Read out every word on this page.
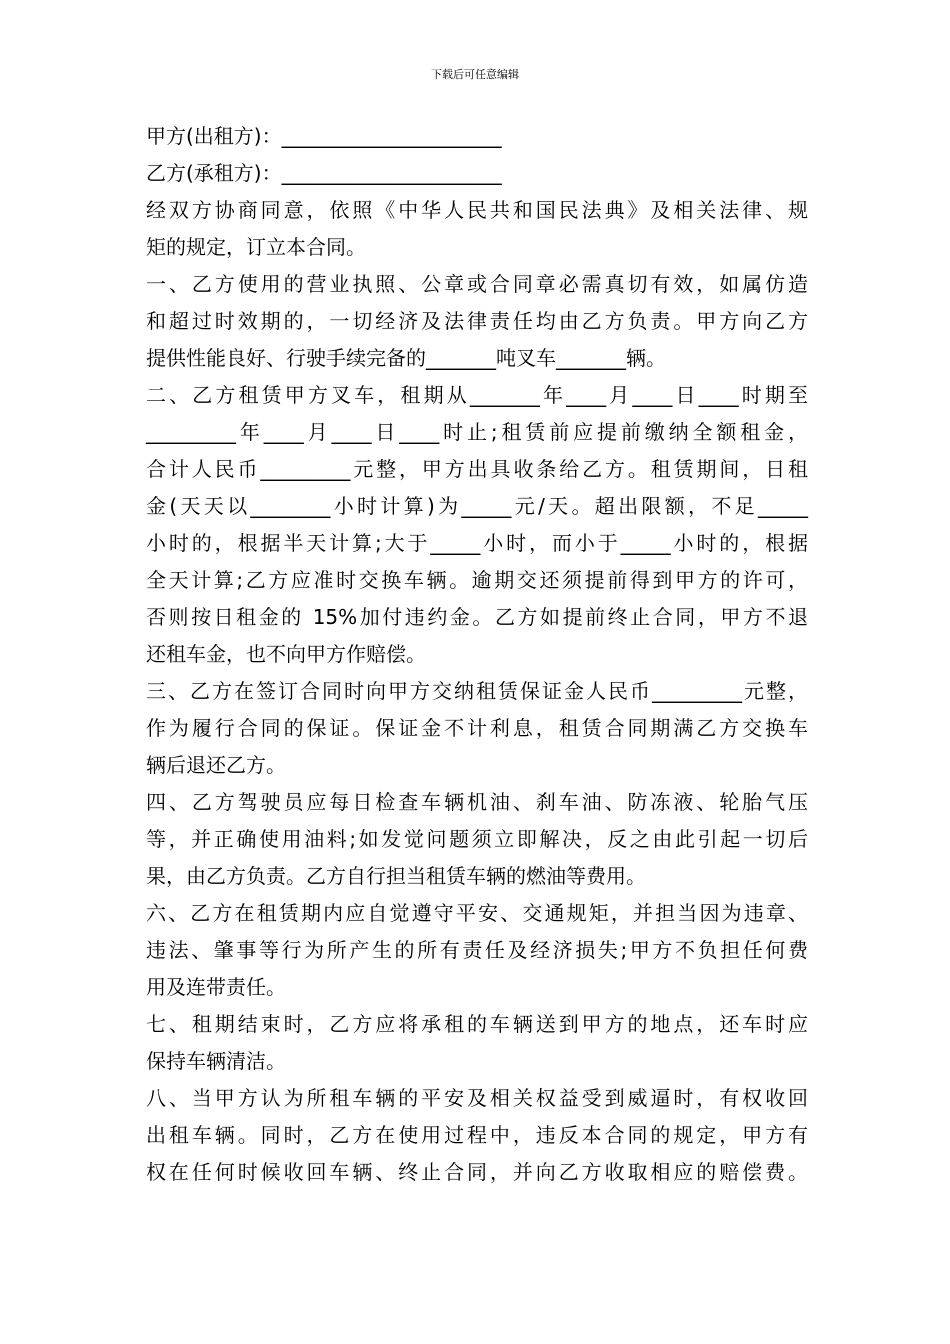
下载后可任意编辑
甲方(出租方)：______________________
乙方(承租方)：______________________
经双方协商同意，依照《中华人民共和国民法典》及相关法律、规
矩的规定，订立本合同。
一、乙方使用的营业执照、公章或合同章必需真切有效，如属仿造
和超过时效期的，一切经济及法律责任均由乙方负责。甲方向乙方
提供性能良好、行驶手续完备的_______吨叉车_______辆。
二、乙方租赁甲方叉车，租期从_______年____月____日____时期至
_________年____月____日____时止;租赁前应提前缴纳全额租金，
合计人民币_________元整，甲方出具收条给乙方。租赁期间，日租
金(天天以________小时计算)为_____元/天。超出限额，不足_____
小时的，根据半天计算;大于_____小时，而小于_____小时的，根据
全天计算;乙方应准时交换车辆。逾期交还须提前得到甲方的许可，
否则按日租金的 15%加付违约金。乙方如提前终止合同，甲方不退
还租车金，也不向甲方作赔偿。
三、乙方在签订合同时向甲方交纳租赁保证金人民币_________元整，
作为履行合同的保证。保证金不计利息，租赁合同期满乙方交换车
辆后退还乙方。
四、乙方驾驶员应每日检查车辆机油、刹车油、防冻液、轮胎气压
等，并正确使用油料;如发觉问题须立即解决，反之由此引起一切后
果，由乙方负责。乙方自行担当租赁车辆的燃油等费用。
六、乙方在租赁期内应自觉遵守平安、交通规矩，并担当因为违章、
违法、肇事等行为所产生的所有责任及经济损失;甲方不负担任何费
用及连带责任。
七、租期结束时，乙方应将承租的车辆送到甲方的地点，还车时应
保持车辆清洁。
八、当甲方认为所租车辆的平安及相关权益受到威逼时，有权收回
出租车辆。同时，乙方在使用过程中，违反本合同的规定，甲方有
权在任何时候收回车辆、终止合同，并向乙方收取相应的赔偿费。
